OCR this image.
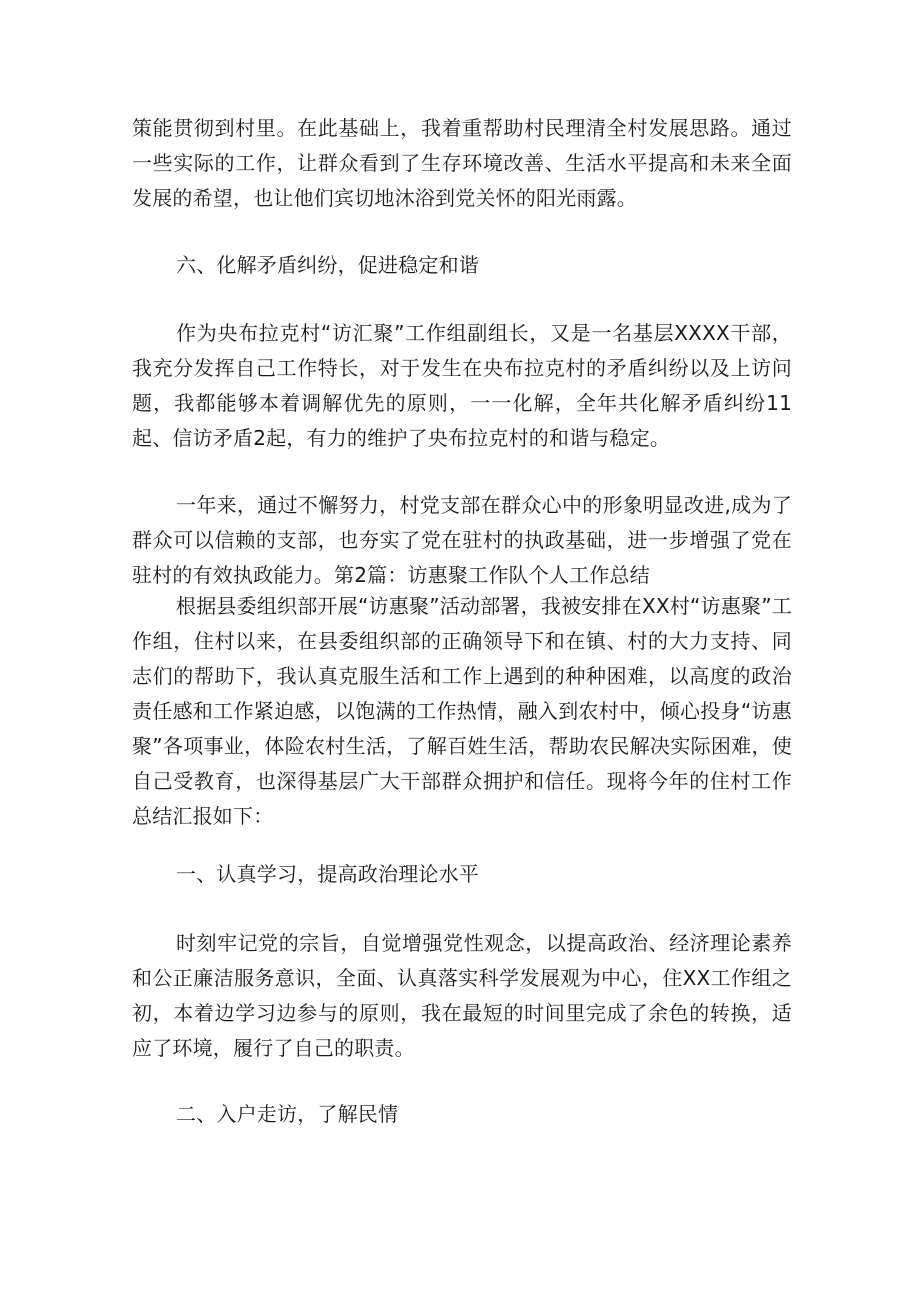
策能贯彻到村里。在此基础上，我着重帮助村民理清全村发展思路。通过一些实际的工作，让群众看到了生存环境改善、生活水平提高和未来全面发展的希望，也让他们宾切地沐浴到党关怀的阳光雨露。

六、化解矛盾纠纷，促进稳定和谐

作为央布拉克村“访汇聚”工作组副组长，又是一名基层XXXX干部，我充分发挥自己工作特长，对于发生在央布拉克村的矛盾纠纷以及上访问题，我都能够本着调解优先的原则，一一化解，全年共化解矛盾纠纷11起、信访矛盾2起，有力的维护了央布拉克村的和谐与稳定。

一年来，通过不懈努力，村党支部在群众心中的形象明显改进,成为了群众可以信赖的支部，也夯实了党在驻村的执政基础，进一步增强了党在驻村的有效执政能力。第2篇：访惠聚工作队个人工作总结

根据县委组织部开展“访惠聚”活动部署，我被安排在XX村“访惠聚”工作组，住村以来，在县委组织部的正确领导下和在镇、村的大力支持、同志们的帮助下，我认真克服生活和工作上遇到的种种困难，以高度的政治责任感和工作紧迫感，以饱满的工作热情，融入到农村中，倾心投身“访惠聚”各项事业，体险农村生活，了解百姓生活，帮助农民解决实际困难，使自己受教育，也深得基层广大干部群众拥护和信任。现将今年的住村工作总结汇报如下：

一、认真学习，提高政治理论水平

时刻牢记党的宗旨，自觉增强党性观念，以提高政治、经济理论素养和公正廉洁服务意识，全面、认真落实科学发展观为中心，住XX工作组之初，本着边学习边参与的原则，我在最短的时间里完成了余色的转换，适应了环境，履行了自己的职责。

二、入户走访，了解民情
